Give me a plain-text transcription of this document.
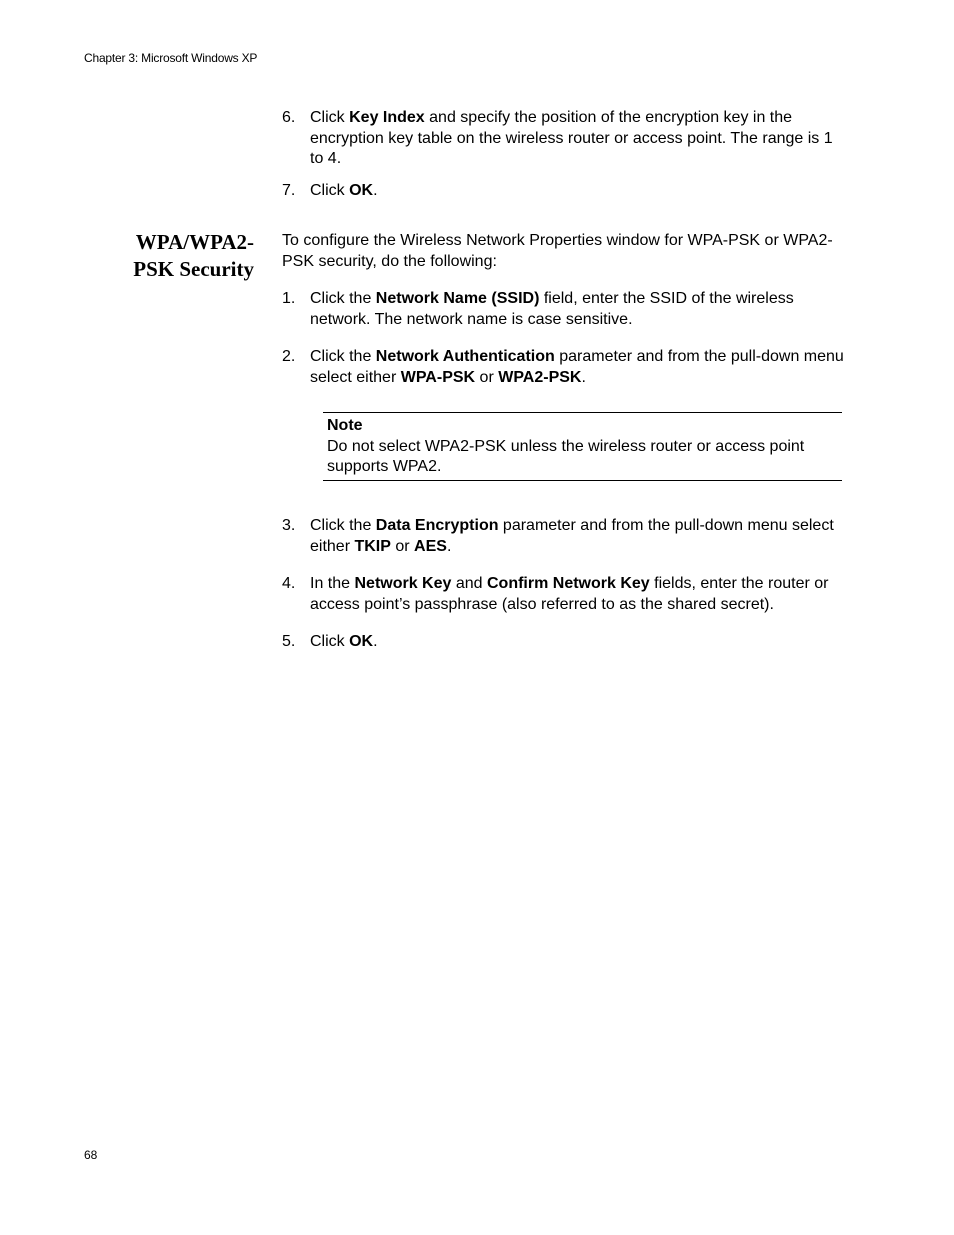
Chapter 3: Microsoft Windows XP
6. Click Key Index and specify the position of the encryption key in the encryption key table on the wireless router or access point. The range is 1 to 4.
7. Click OK.
WPA/WPA2-
PSK Security
To configure the Wireless Network Properties window for WPA-PSK or WPA2-PSK security, do the following:
1. Click the Network Name (SSID) field, enter the SSID of the wireless network. The network name is case sensitive.
2. Click the Network Authentication parameter and from the pull-down menu select either WPA-PSK or WPA2-PSK.
Note
Do not select WPA2-PSK unless the wireless router or access point supports WPA2.
3. Click the Data Encryption parameter and from the pull-down menu select either TKIP or AES.
4. In the Network Key and Confirm Network Key fields, enter the router or access point’s passphrase (also referred to as the shared secret).
5. Click OK.
68
